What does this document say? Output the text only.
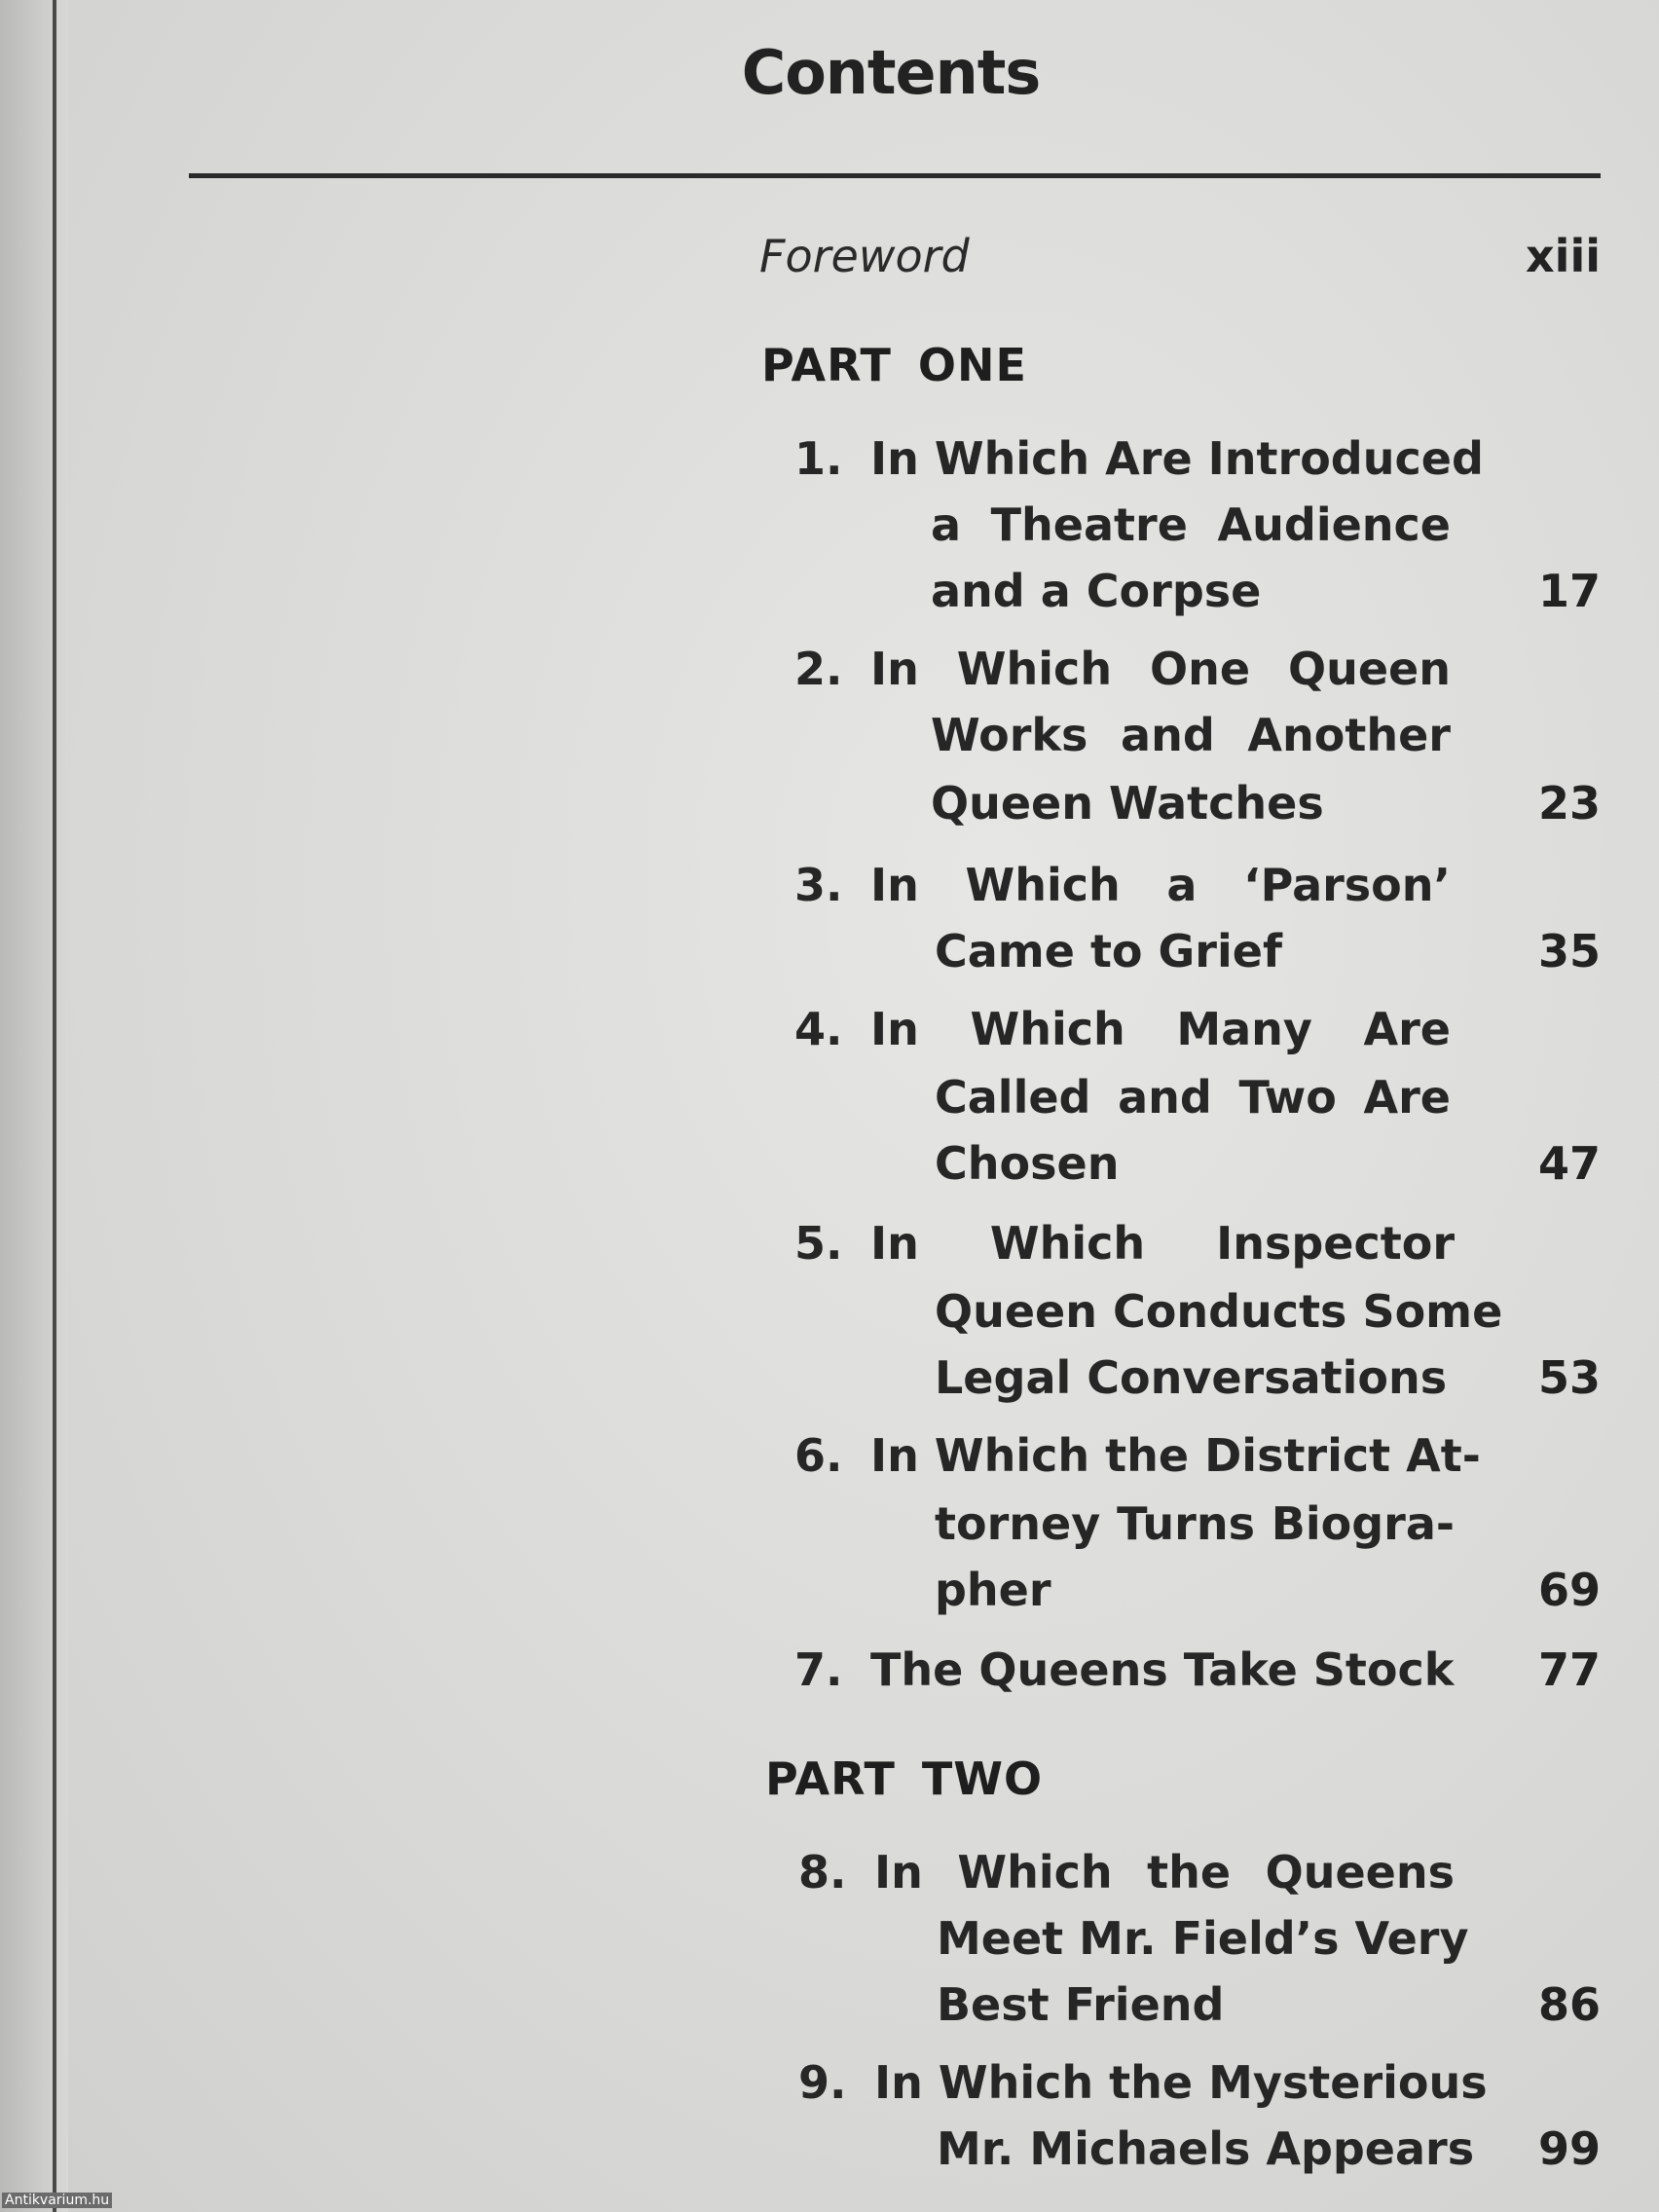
Contents
Foreword	xiii
PART ONE
1. In Which Are Introduced
a Theatre Audience
and a Corpse	17
2. In Which One Queen
Works and Another
Queen Watches	23
3. In Which a ‘Parson’
Came to Grief	35
4. In Which Many Are
Called and Two Are
Chosen	47
5. In Which Inspector
Queen Conducts Some
Legal Conversations 53
6. In Which the District At-
torney Turns Biogra-
pher	69
7. The Queens Take Stock 77
PART TWO
8. In Which the Queens
Meet Mr. Field’s Very
Best Friend	86
9. In Which the Mysterious
Mr. Michaels Appears 99
Antikvarium.hu
